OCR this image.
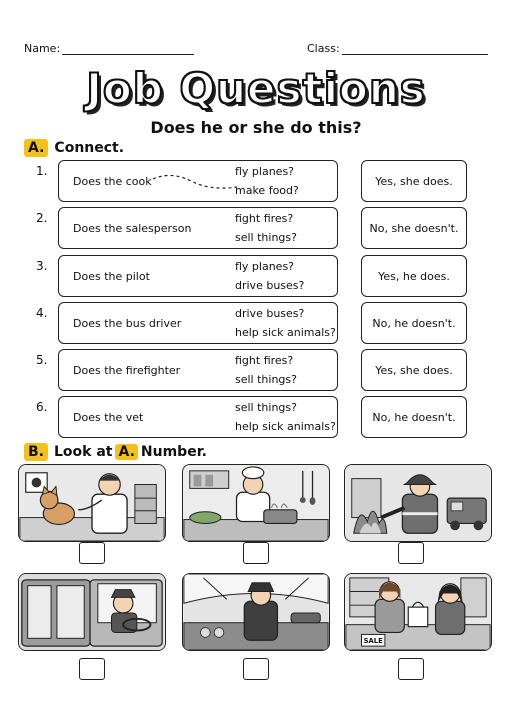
Name:	Class:
Job Questions
Does he or she do this?
A. Connect.
1.
Does the cook
fly planes?
make food?
Yes, she does.
2.
Does the salesperson
fight fires?
sell things?
No, she doesn't.
3.
Does the pilot
fly planes?
drive buses?
Yes, he does.
4.
Does the bus driver
drive buses?
help sick animals?
No, he doesn't.
5.
Does the firefighter
fight fires?
sell things?
Yes, she does.
6.
Does the vet
sell things?
help sick animals?
No, he doesn't.
B. Look at A. Number.
SALE
